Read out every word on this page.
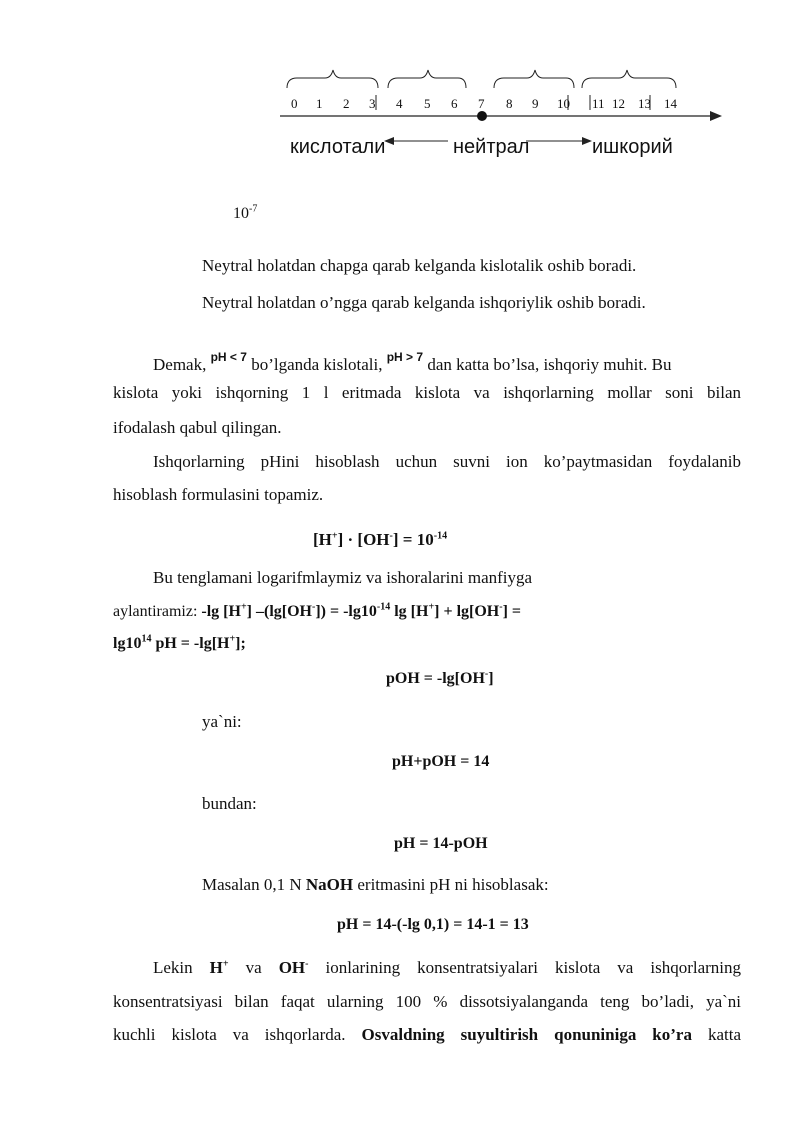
0 1 2 3 4 5 6 7 8 9 10 11 12 13 14
кислотали	нейтрал	ишкорий
$10^{-7}$
Neytral holatdan chapga qarab kelganda kislotalik oshib boradi.
Neytral holatdan o’ngga qarab kelganda ishqoriylik oshib boradi.
Demak, $^{pH < 7}$ bo’lganda kislotali, $^{pH > 7}$ dan katta bo’lsa, ishqoriy muhit. Bu
kislota yoki ishqorning 1 l eritmada kislota va ishqorlarning mollar soni bilan
ifodalash qabul qilingan.
Ishqorlarning pHini hisoblash uchun suvni ion ko’paytmasidan foydalanib
hisoblash formulasini topamiz.
$[H^+] \cdot [OH^-] = 10^{-14}$
Bu tenglamani logarifmlaymiz va ishoralarini manfiyga
aylantiramiz: -lg [H+] $-(\lg[OH^-]) = -\lg 10^{-14}$ lg [H+] + lg[OH-] =
$\lg 10^{14}$ pH = -lg[H+];
pOH = -lg[OH-]
ya`ni:
pH+pOH = 14
bundan:
pH = 14-pOH
Masalan 0,1 N NaOH eritmasini pH ni hisoblasak:
pH = 14-(-lg 0,1) = 14-1 = 13
Lekin H+ va OH- ionlarining konsentratsiyalari kislota va ishqorlarning
konsentratsiyasi bilan faqat ularning 100 % dissotsiyalanganda teng bo’ladi, ya`ni
kuchli kislota va ishqorlarda. Osvaldning suyultirish qonuniniga ko’ra katta
